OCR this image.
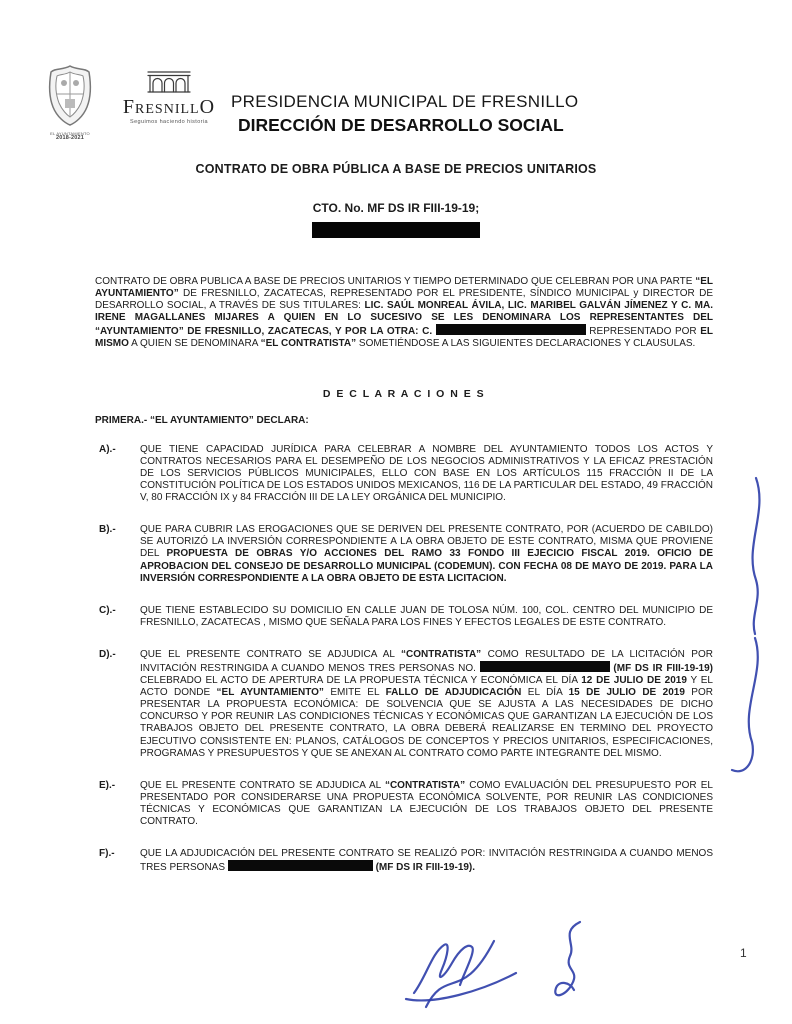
EL AYUNTAMIENTO
2018-2021
FresnillO
Seguimos haciendo historia
PRESIDENCIA MUNICIPAL DE FRESNILLO
DIRECCIÓN DE DESARROLLO SOCIAL
CONTRATO DE OBRA PÚBLICA A BASE DE PRECIOS UNITARIOS
CTO. No. MF DS IR FIII-19-19;

CONTRATO DE OBRA PUBLICA A BASE DE PRECIOS UNITARIOS Y TIEMPO DETERMINADO QUE CELEBRAN POR UNA PARTE “EL AYUNTAMIENTO” DE FRESNILLO, ZACATECAS, REPRESENTADO POR EL PRESIDENTE, SÍNDICO MUNICIPAL y DIRECTOR DE DESARROLLO SOCIAL, A TRAVÉS DE SUS TITULARES: LIC. SAÚL MONREAL ÁVILA, LIC. MARIBEL GALVÁN JÍMENEZ Y C. MA. IRENE MAGALLANES MIJARES A QUIEN EN LO SUCESIVO SE LES DENOMINARA LOS REPRESENTANTES DEL “AYUNTAMIENTO” DE FRESNILLO, ZACATECAS, Y POR LA OTRA: C.	REPRESENTADO POR EL MISMO A QUIEN SE DENOMINARA “EL CONTRATISTA” SOMETIÉNDOSE A LAS SIGUIENTES DECLARACIONES Y CLAUSULAS.

D E C L A R A C I O N E S

PRIMERA.- “EL AYUNTAMIENTO” DECLARA:

A).-	QUE TIENE CAPACIDAD JURÍDICA PARA CELEBRAR A NOMBRE DEL AYUNTAMIENTO TODOS LOS ACTOS Y CONTRATOS NECESARIOS PARA EL DESEMPEÑO DE LOS NEGOCIOS ADMINISTRATIVOS Y LA EFICAZ PRESTACIÓN DE LOS SERVICIOS PÚBLICOS MUNICIPALES, ELLO CON BASE EN LOS ARTÍCULOS 115 FRACCIÓN II DE LA CONSTITUCIÓN POLÍTICA DE LOS ESTADOS UNIDOS MEXICANOS, 116 DE LA PARTICULAR DEL ESTADO, 49 FRACCIÓN V, 80 FRACCIÓN IX y 84 FRACCIÓN III DE LA LEY ORGÁNICA DEL MUNICIPIO.

B).-	QUE PARA CUBRIR LAS EROGACIONES QUE SE DERIVEN DEL PRESENTE CONTRATO, POR (ACUERDO DE CABILDO) SE AUTORIZÓ LA INVERSIÓN CORRESPONDIENTE A LA OBRA OBJETO DE ESTE CONTRATO, MISMA QUE PROVIENE DEL PROPUESTA DE OBRAS Y/O ACCIONES DEL RAMO 33 FONDO III EJECICIO FISCAL 2019. OFICIO DE APROBACION DEL CONSEJO DE DESARROLLO MUNICIPAL (CODEMUN). CON FECHA 08 DE MAYO DE 2019. PARA LA INVERSIÓN CORRESPONDIENTE A LA OBRA OBJETO DE ESTA LICITACION.

C).-	QUE TIENE ESTABLECIDO SU DOMICILIO EN CALLE JUAN DE TOLOSA NÚM. 100, COL. CENTRO DEL MUNICIPIO DE FRESNILLO, ZACATECAS , MISMO QUE SEÑALA PARA LOS FINES Y EFECTOS LEGALES DE ESTE CONTRATO.

D).-	QUE EL PRESENTE CONTRATO SE ADJUDICA AL “CONTRATISTA” COMO RESULTADO DE LA LICITACIÓN POR INVITACIÓN RESTRINGIDA A CUANDO MENOS TRES PERSONAS NO.	(MF DS IR FIII-19-19) CELEBRADO EL ACTO DE APERTURA DE LA PROPUESTA TÉCNICA Y ECONÓMICA EL DÍA 12 DE JULIO DE 2019 Y EL ACTO DONDE “EL AYUNTAMIENTO” EMITE EL FALLO DE ADJUDICACIÓN EL DÍA 15 DE JULIO DE 2019 POR PRESENTAR LA PROPUESTA ECONÓMICA: DE SOLVENCIA QUE SE AJUSTA A LAS NECESIDADES DE DICHO CONCURSO Y POR REUNIR LAS CONDICIONES TÉCNICAS Y ECONÓMICAS QUE GARANTIZAN LA EJECUCIÓN DE LOS TRABAJOS OBJETO DEL PRESENTE CONTRATO, LA OBRA DEBERÁ REALIZARSE EN TERMINO DEL PROYECTO EJECUTIVO CONSISTENTE EN: PLANOS, CATÁLOGOS DE CONCEPTOS Y PRECIOS UNITARIOS, ESPECIFICACIONES, PROGRAMAS Y PRESUPUESTOS Y QUE SE ANEXAN AL CONTRATO COMO PARTE INTEGRANTE DEL MISMO.

E).-	QUE EL PRESENTE CONTRATO SE ADJUDICA AL “CONTRATISTA” COMO EVALUACIÓN DEL PRESUPUESTO POR EL PRESENTADO POR CONSIDERARSE UNA PROPUESTA ECONÓMICA SOLVENTE, POR REUNIR LAS CONDICIONES TÉCNICAS Y ECONÓMICAS QUE GARANTIZAN LA EJECUCIÓN DE LOS TRABAJOS OBJETO DEL PRESENTE CONTRATO.

F).-	QUE LA ADJUDICACIÓN DEL PRESENTE CONTRATO SE REALIZÓ POR: INVITACIÓN RESTRINGIDA A CUANDO MENOS TRES PERSONAS	(MF DS IR FIII-19-19).

1
